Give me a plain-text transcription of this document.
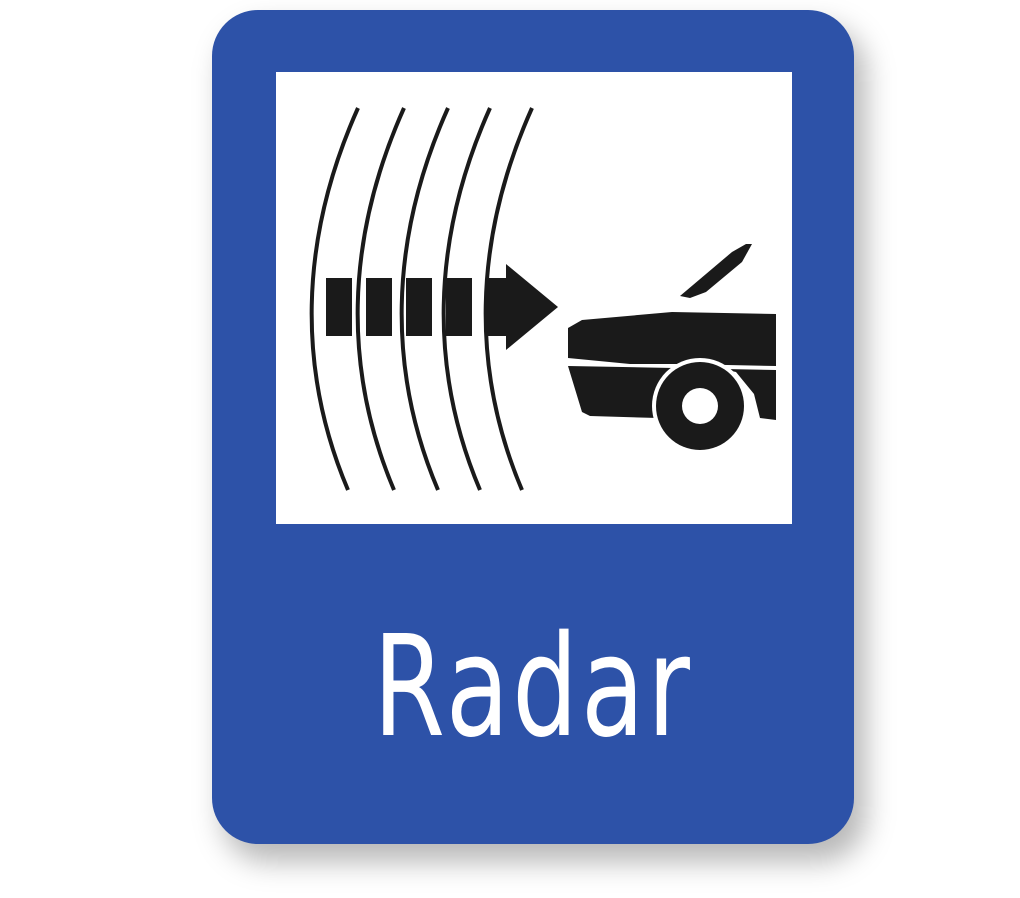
Radar
